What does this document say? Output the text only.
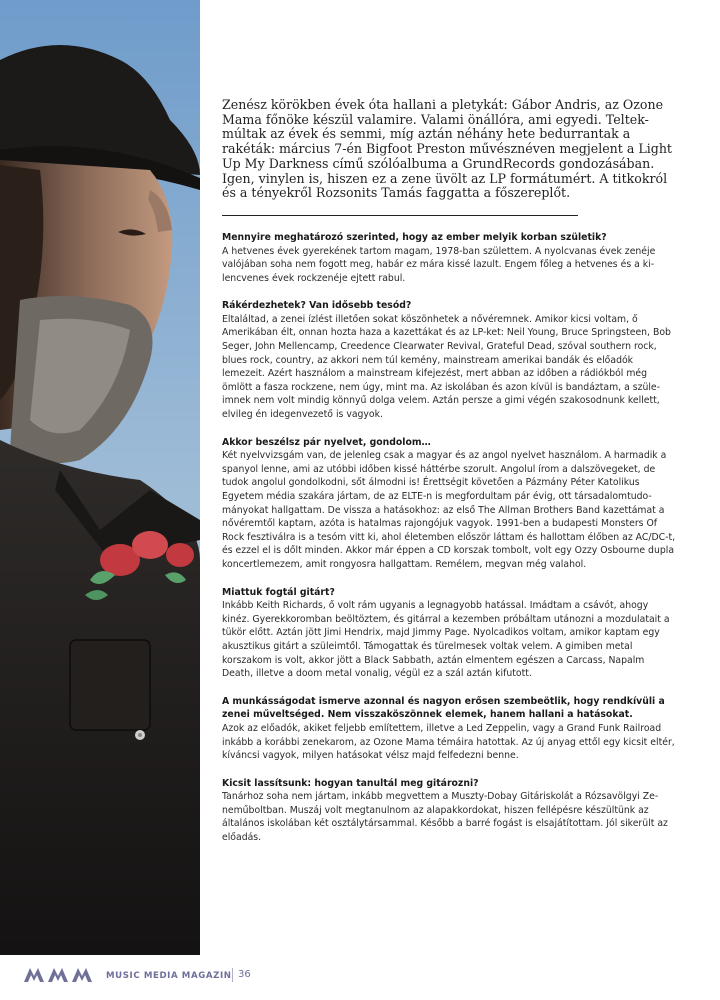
Zenész körökben évek óta hallani a pletykát: Gábor Andris, az Ozone Mama főnöke készül valamire. Valami önállóra, ami egyedi. Teltek-múltak az évek és semmi, míg aztán néhány hete bedurrantak a rakéták: március 7-én Bigfoot Preston művésznéven megjelent a Light Up My Darkness című szólóalbuma a GrundRecords gondozásában. Igen, vinylen is, hiszen ez a zene üvölt az LP formátumért. A titkokról és a tényekről Rozsonits Tamás faggatta a főszereplőt.

Mennyire meghatározó szerinted, hogy az ember melyik korban születik?

A hetvenes évek gyerekének tartom magam, 1978-ban születtem. A nyolcvanas évek zenéje valójában soha nem fogott meg, habár ez mára kissé lazult. Engem főleg a hetvenes és a ki-lencvenes évek rockzenéje ejtett rabul.

Rákérdezhetek? Van idősebb tesód?

Eltaláltad, a zenei ízlést illetően sokat köszönhetek a nővéremnek. Amikor kicsi voltam, ő Amerikában élt, onnan hozta haza a kazettákat és az LP-ket: Neil Young, Bruce Springsteen, Bob Seger, John Mellencamp, Creedence Clearwater Revival, Grateful Dead, szóval southern rock, blues rock, country, az akkori nem túl kemény, mainstream amerikai bandák és előadók lemezeit. Azért használom a mainstream kifejezést, mert abban az időben a rádiókból még ömlött a fasza rockzene, nem úgy, mint ma. Az iskolában és azon kívül is bandáztam, a szüle-imnek nem volt mindig könnyű dolga velem. Aztán persze a gimi végén szakosodnunk kellett, elvileg én idegenvezető is vagyok.

Akkor beszélsz pár nyelvet, gondolom…

Két nyelvvizsgám van, de jelenleg csak a magyar és az angol nyelvet használom. A harmadik a spanyol lenne, ami az utóbbi időben kissé háttérbe szorult. Angolul írom a dalszövegeket, de tudok angolul gondolkodni, sőt álmodni is! Érettségit követően a Pázmány Péter Katolikus Egyetem média szakára jártam, de az ELTE-n is megfordultam pár évig, ott társadalomtudo-mányokat hallgattam. De vissza a hatásokhoz: az első The Allman Brothers Band kazettámat a nővéremtől kaptam, azóta is hatalmas rajongójuk vagyok. 1991-ben a budapesti Monsters Of Rock fesztiválra is a tesóm vitt ki, ahol életemben először láttam és hallottam élőben az AC/DC-t, és ezzel el is dőlt minden. Akkor már éppen a CD korszak tombolt, volt egy Ozzy Osbourne dupla koncertlemezem, amit rongyosra hallgattam. Remélem, megvan még valahol.

Miattuk fogtál gitárt?

Inkább Keith Richards, ő volt rám ugyanis a legnagyobb hatással. Imádtam a csávót, ahogy kinéz. Gyerekkoromban beöltöztem, és gitárral a kezemben próbáltam utánozni a mozdulatait a tükör előtt. Aztán jött Jimi Hendrix, majd Jimmy Page. Nyolcadikos voltam, amikor kaptam egy akusztikus gitárt a szüleimtől. Támogattak és türelmesek voltak velem. A gimiben metal korszakom is volt, akkor jött a Black Sabbath, aztán elmentem egészen a Carcass, Napalm Death, illetve a doom metal vonalig, végül ez a szál aztán kifutott.

A munkásságodat ismerve azonnal és nagyon erősen szembeötlik, hogy rendkívüli a zenei műveltséged. Nem visszaköszönnek elemek, hanem hallani a hatásokat.

Azok az előadók, akiket feljebb említettem, illetve a Led Zeppelin, vagy a Grand Funk Railroad inkább a korábbi zenekarom, az Ozone Mama témáira hatottak. Az új anyag ettől egy kicsit eltér, kíváncsi vagyok, milyen hatásokat vélsz majd felfedezni benne.

Kicsit lassítsunk: hogyan tanultál meg gitározni?

Tanárhoz soha nem jártam, inkább megvettem a Muszty-Dobay Gitáriskolát a Rózsavölgyi Ze-neműboltban. Muszáj volt megtanulnom az alapakkordokat, hiszen fellépésre készültünk az általános iskolában két osztálytársammal. Később a barré fogást is elsajátítottam. Jól sikerült az előadás.

MUSIC MEDIA MAGAZIN 36
